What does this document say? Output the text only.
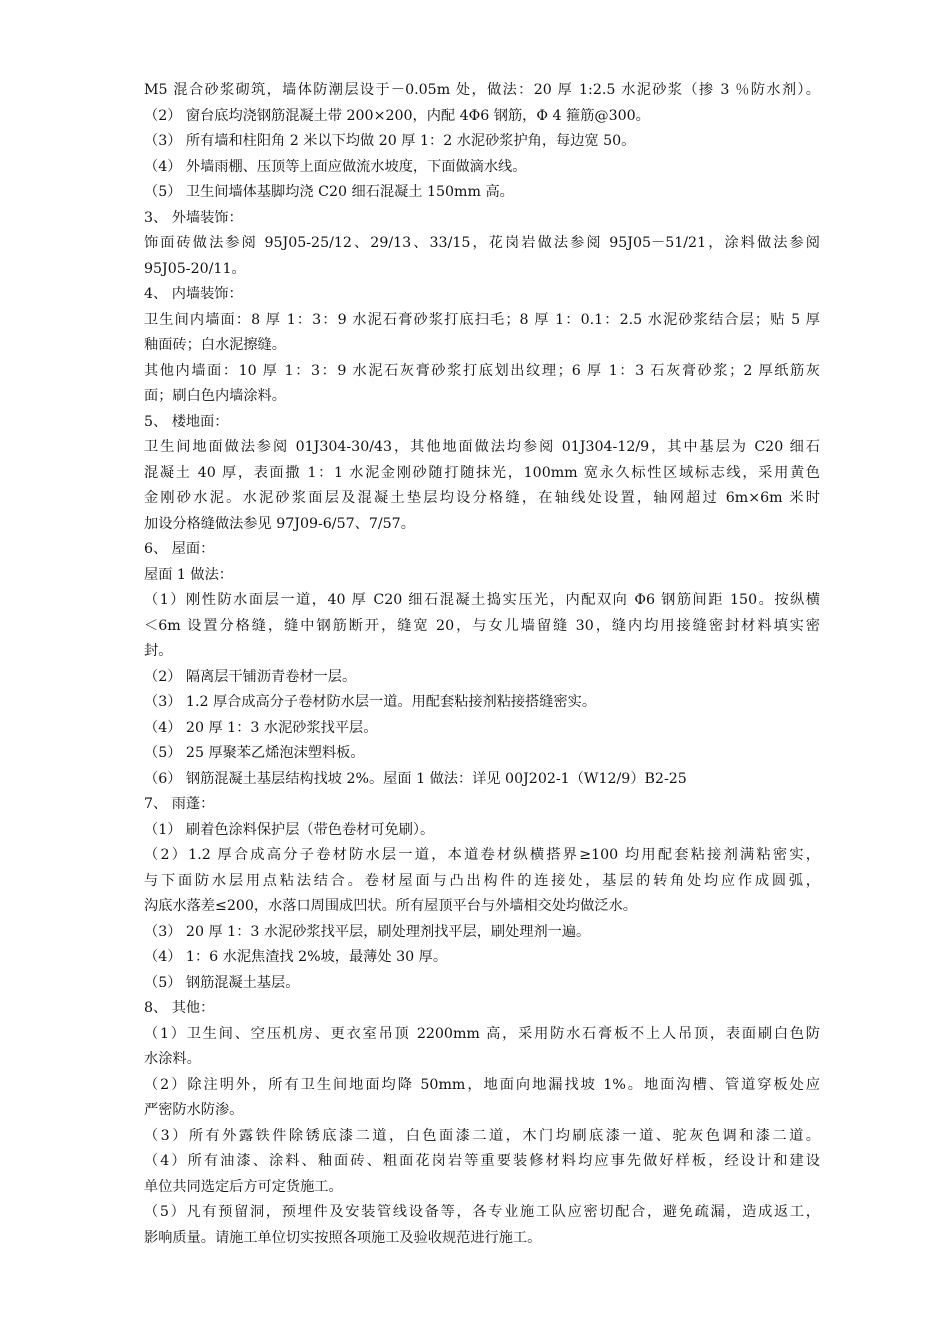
M5 混合砂浆砌筑，墙体防潮层设于－0.05m 处，做法：20 厚 1:2.5 水泥砂浆（掺 3 ％防水剂）。
（2） 窗台底均浇钢筋混凝土带 200×200，内配 4Φ6 钢筋，Φ 4 箍筋@300。
（3） 所有墙和柱阳角 2 米以下均做 20 厚 1：2 水泥砂浆护角，每边宽 50。
（4） 外墙雨棚、压顶等上面应做流水坡度，下面做滴水线。
（5） 卫生间墙体基脚均浇 C20 细石混凝土 150mm 高。
3、 外墙装饰：
饰面砖做法参阅 95J05-25/12、29/13、33/15，花岗岩做法参阅 95J05－51/21，涂料做法参阅
95J05-20/11。
4、 内墙装饰：
卫生间内墙面：8 厚 1：3：9 水泥石膏砂浆打底扫毛；8 厚 1：0.1：2.5 水泥砂浆结合层；贴 5 厚
釉面砖；白水泥擦缝。
其他内墙面：10 厚 1：3：9 水泥石灰膏砂浆打底划出纹理；6 厚 1：3 石灰膏砂浆；2 厚纸筋灰
面；刷白色内墙涂料。
5、 楼地面：
卫生间地面做法参阅 01J304-30/43，其他地面做法均参阅 01J304-12/9，其中基层为 C20 细石
混凝土 40 厚，表面撒 1：1 水泥金刚砂随打随抹光，100mm 宽永久标性区域标志线，采用黄色
金刚砂水泥。水泥砂浆面层及混凝土垫层均设分格缝，在轴线处设置，轴网超过 6m×6m 米时
加设分格缝做法参见 97J09-6/57、7/57。
6、 屋面：
屋面 1 做法：
（1）刚性防水面层一道，40 厚 C20 细石混凝土捣实压光，内配双向 Φ6 钢筋间距 150。按纵横
＜6m 设置分格缝，缝中钢筋断开，缝宽 20，与女儿墙留缝 30，缝内均用接缝密封材料填实密
封。
（2） 隔离层干铺沥青卷材一层。
（3） 1.2 厚合成高分子卷材防水层一道。用配套粘接剂粘接搭缝密实。
（4） 20 厚 1：3 水泥砂浆找平层。
（5） 25 厚聚苯乙烯泡沫塑料板。
（6） 钢筋混凝土基层结构找坡 2%。屋面 1 做法：详见 00J202-1（W12/9）B2-25
7、 雨蓬：
（1） 刷着色涂料保护层（带色卷材可免刷）。
（2）1.2 厚合成高分子卷材防水层一道，本道卷材纵横搭界≥100 均用配套粘接剂满粘密实，
与下面防水层用点粘法结合。卷材屋面与凸出构件的连接处，基层的转角处均应作成圆弧，
沟底水落差≤200，水落口周围成凹状。所有屋顶平台与外墙相交处均做泛水。
（3） 20 厚 1：3 水泥砂浆找平层，刷处理剂找平层，刷处理剂一遍。
（4） 1：6 水泥焦渣找 2%坡，最薄处 30 厚。
（5） 钢筋混凝土基层。
8、 其他：
（1）卫生间、空压机房、更衣室吊顶 2200mm 高，采用防水石膏板不上人吊顶，表面刷白色防
水涂料。
（2）除注明外，所有卫生间地面均降 50mm，地面向地漏找坡 1%。地面沟槽、管道穿板处应
严密防水防渗。
（3）所有外露铁件除锈底漆二道，白色面漆二道，木门均刷底漆一道、驼灰色调和漆二道。
（4）所有油漆、涂料、釉面砖、粗面花岗岩等重要装修材料均应事先做好样板，经设计和建设
单位共同选定后方可定货施工。
（5）凡有预留洞，预埋件及安装管线设备等，各专业施工队应密切配合，避免疏漏，造成返工，
影响质量。请施工单位切实按照各项施工及验收规范进行施工。
